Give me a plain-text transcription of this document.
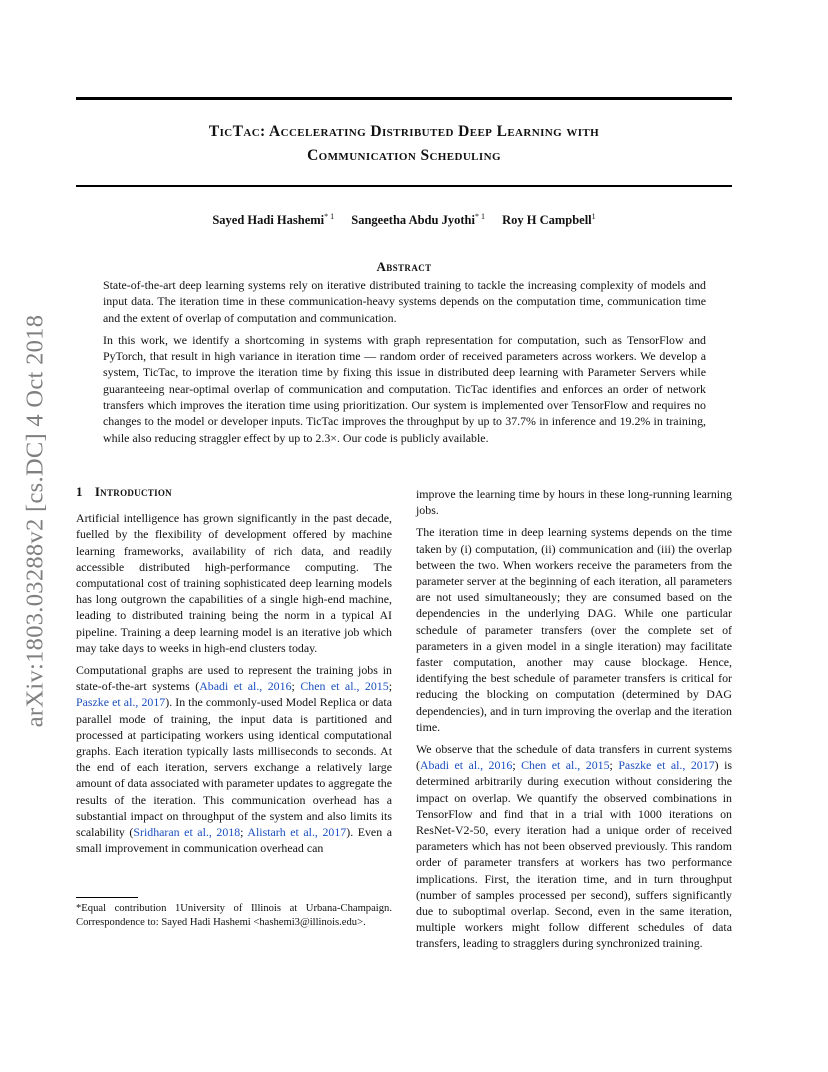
arXiv:1803.03288v2 [cs.DC] 4 Oct 2018
TicTac: Accelerating Distributed Deep Learning with
Communication Scheduling
Sayed Hadi Hashemi$^{* 1}$ Sangeetha Abdu Jyothi$^{* 1}$ Roy H Campbell$^1$
Abstract

State-of-the-art deep learning systems rely on iterative distributed training to tackle the increasing complexity of models and input data. The iteration time in these communication-heavy systems depends on the computation time, communication time and the extent of overlap of computation and communication.

In this work, we identify a shortcoming in systems with graph representation for computation, such as TensorFlow and PyTorch, that result in high variance in iteration time — random order of received parameters across workers. We develop a system, TicTac, to improve the iteration time by fixing this issue in distributed deep learning with Parameter Servers while guaranteeing near-optimal overlap of communication and computation. TicTac identifies and enforces an order of network transfers which improves the iteration time using prioritization. Our system is implemented over TensorFlow and requires no changes to the model or developer inputs. TicTac improves the throughput by up to 37.7% in inference and 19.2% in training, while also reducing straggler effect by up to 2.3×. Our code is publicly available.

1 Introduction

Artificial intelligence has grown significantly in the past decade, fuelled by the flexibility of development offered by machine learning frameworks, availability of rich data, and readily accessible distributed high-performance computing. The computational cost of training sophisticated deep learning models has long outgrown the capabilities of a single high-end machine, leading to distributed training being the norm in a typical AI pipeline. Training a deep learning model is an iterative job which may take days to weeks in high-end clusters today.

Computational graphs are used to represent the training jobs in state-of-the-art systems (Abadi et al., 2016; Chen et al., 2015; Paszke et al., 2017). In the commonly-used Model Replica or data parallel mode of training, the input data is partitioned and processed at participating workers using identical computational graphs. Each iteration typically lasts milliseconds to seconds. At the end of each iteration, servers exchange a relatively large amount of data associated with parameter updates to aggregate the results of the iteration. This communication overhead has a substantial impact on throughput of the system and also limits its scalability (Sridharan et al., 2018; Alistarh et al., 2017). Even a small improvement in communication overhead can

*Equal contribution 1University of Illinois at Urbana-Champaign. Correspondence to: Sayed Hadi Hashemi <hashemi3@illinois.edu>.

improve the learning time by hours in these long-running learning jobs.

The iteration time in deep learning systems depends on the time taken by (i) computation, (ii) communication and (iii) the overlap between the two. When workers receive the parameters from the parameter server at the beginning of each iteration, all parameters are not used simultaneously; they are consumed based on the dependencies in the underlying DAG. While one particular schedule of parameter transfers (over the complete set of parameters in a given model in a single iteration) may facilitate faster computation, another may cause blockage. Hence, identifying the best schedule of parameter transfers is critical for reducing the blocking on computation (determined by DAG dependencies), and in turn improving the overlap and the iteration time.

We observe that the schedule of data transfers in current systems (Abadi et al., 2016; Chen et al., 2015; Paszke et al., 2017) is determined arbitrarily during execution without considering the impact on overlap. We quantify the observed combinations in TensorFlow and find that in a trial with 1000 iterations on ResNet-V2-50, every iteration had a unique order of received parameters which has not been observed previously. This random order of parameter transfers at workers has two performance implications. First, the iteration time, and in turn throughput (number of samples processed per second), suffers significantly due to suboptimal overlap. Second, even in the same iteration, multiple workers might follow different schedules of data transfers, leading to stragglers during synchronized training.
